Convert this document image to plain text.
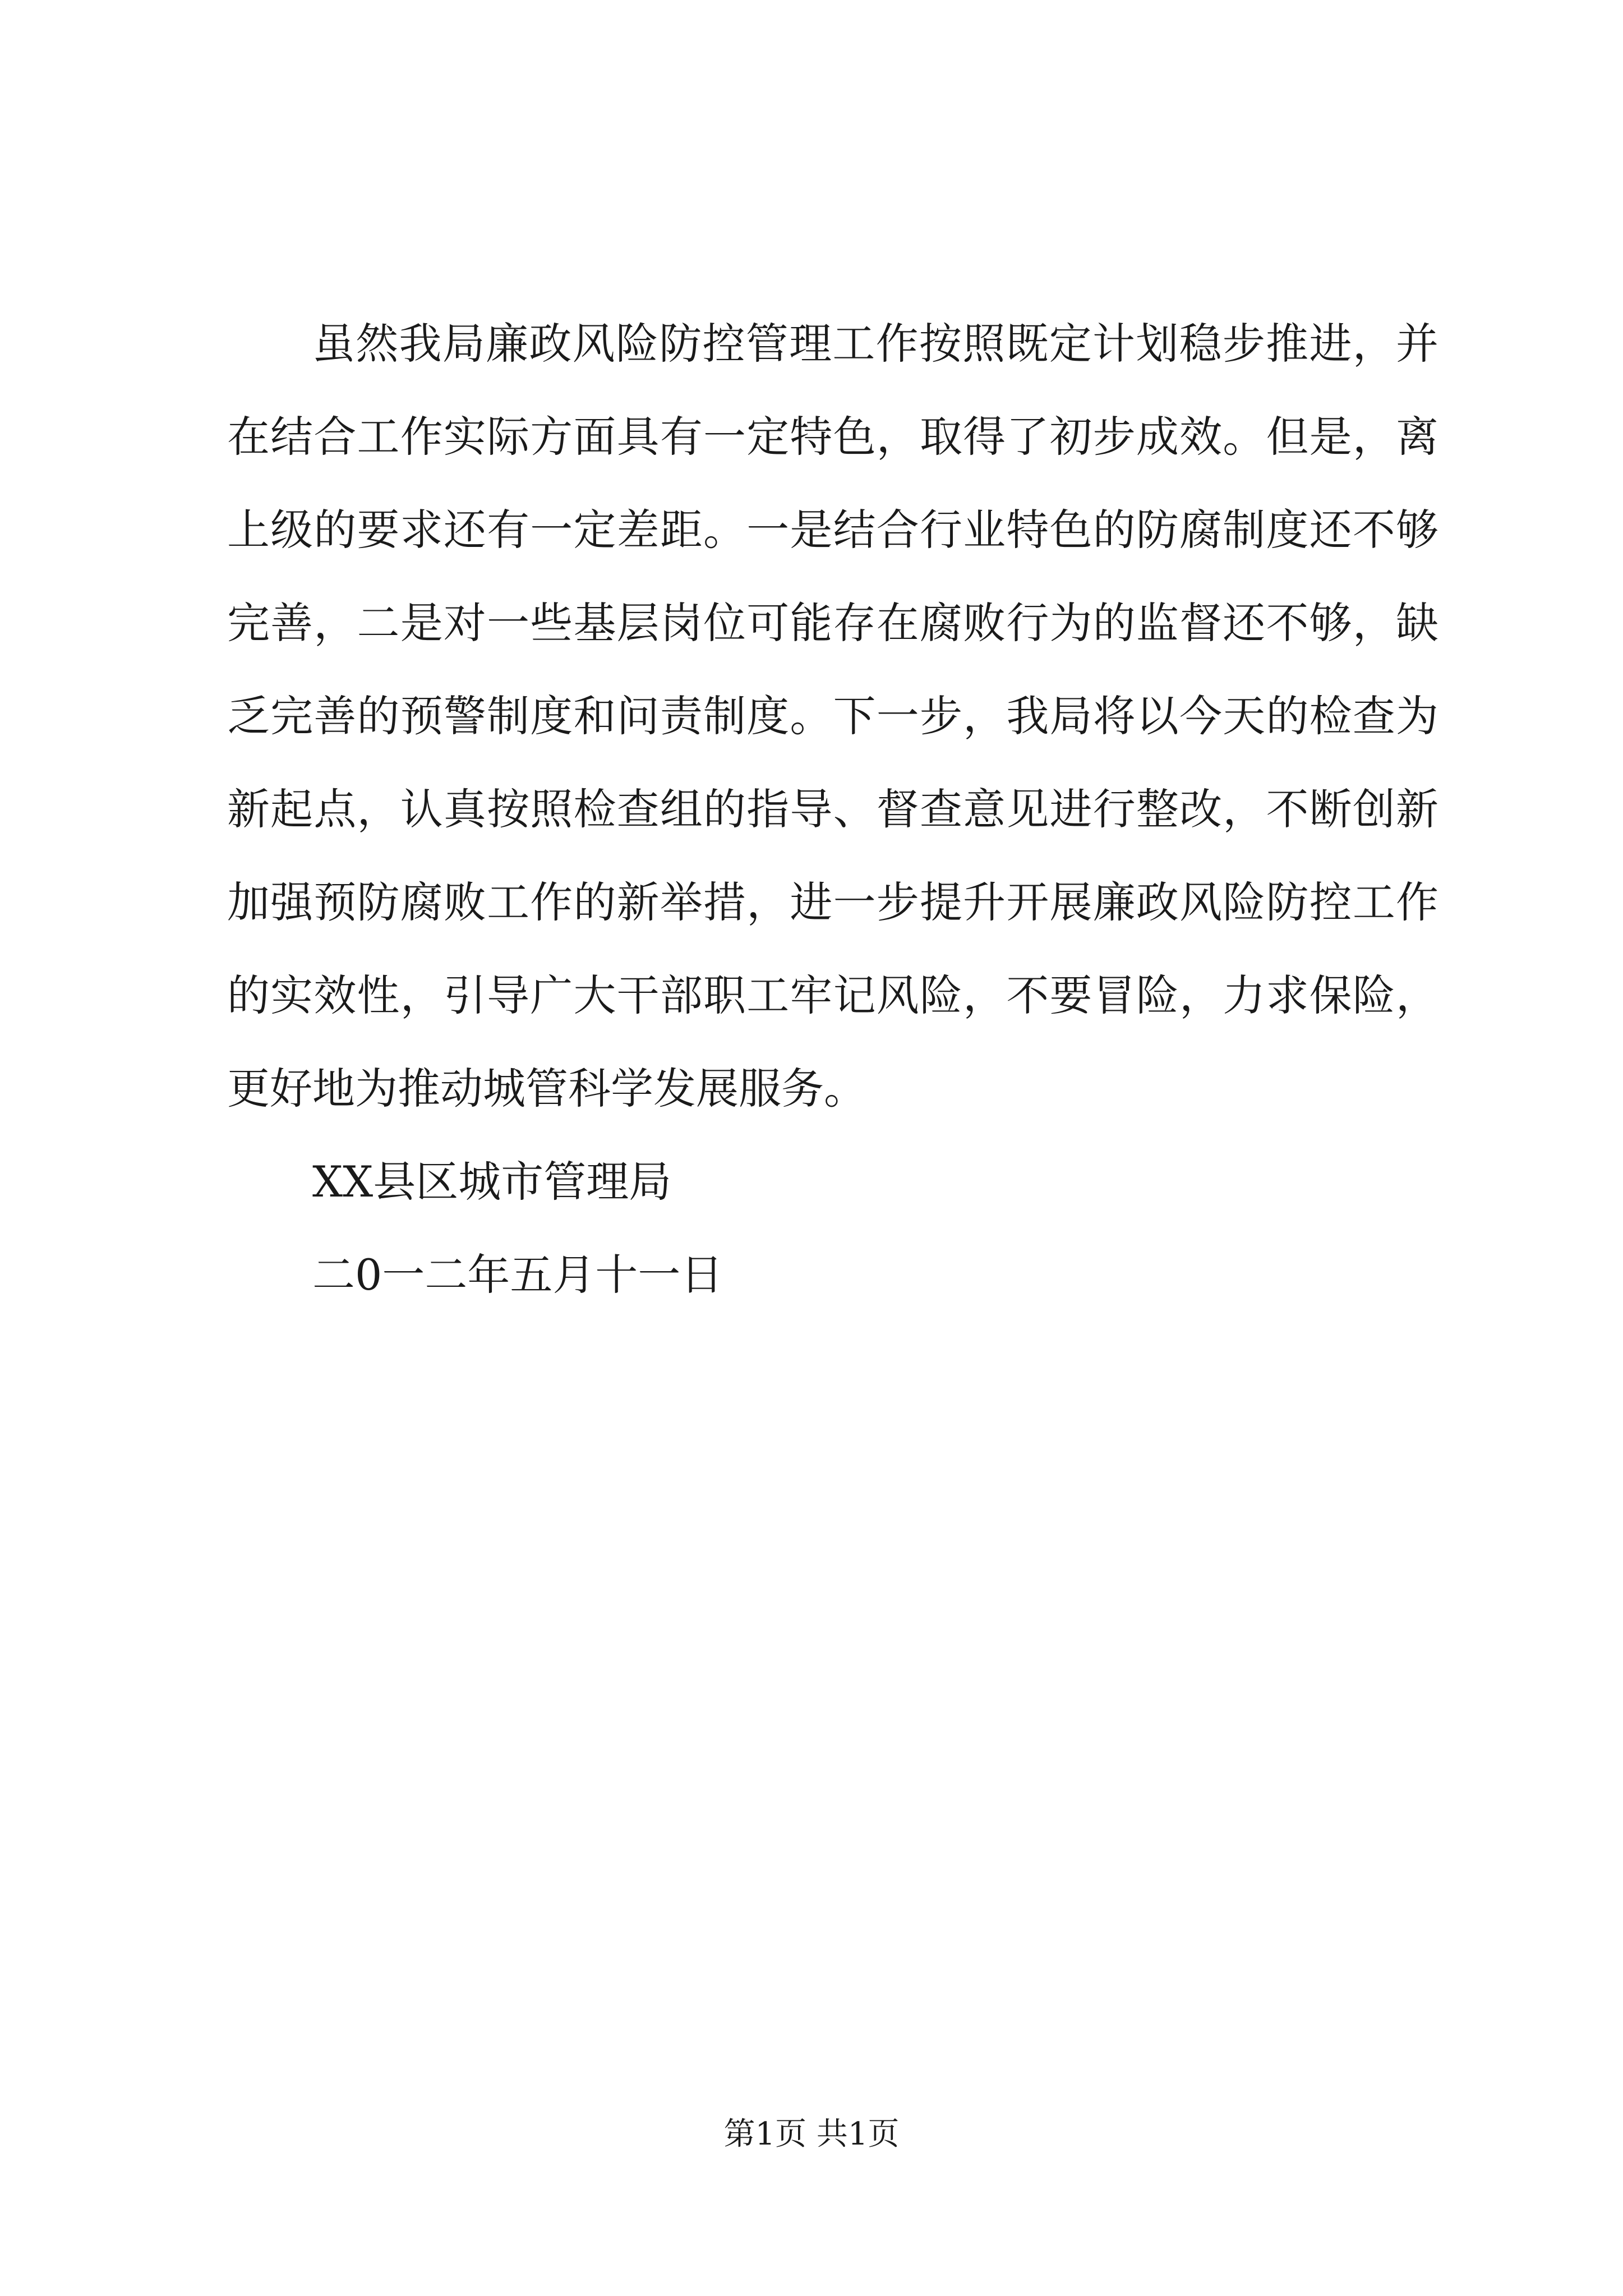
虽然我局廉政风险防控管理工作按照既定计划稳步推进，并
在结合工作实际方面具有一定特色，取得了初步成效。但是，离
上级的要求还有一定差距。一是结合行业特色的防腐制度还不够
完善，二是对一些基层岗位可能存在腐败行为的监督还不够，缺
乏完善的预警制度和问责制度。下一步，我局将以今天的检查为
新起点，认真按照检查组的指导、督查意见进行整改，不断创新
加强预防腐败工作的新举措，进一步提升开展廉政风险防控工作
的实效性，引导广大干部职工牢记风险，不要冒险，力求保险，
更好地为推动城管科学发展服务。
XX县区城市管理局
二0一二年五月十一日
第1页 共1页
